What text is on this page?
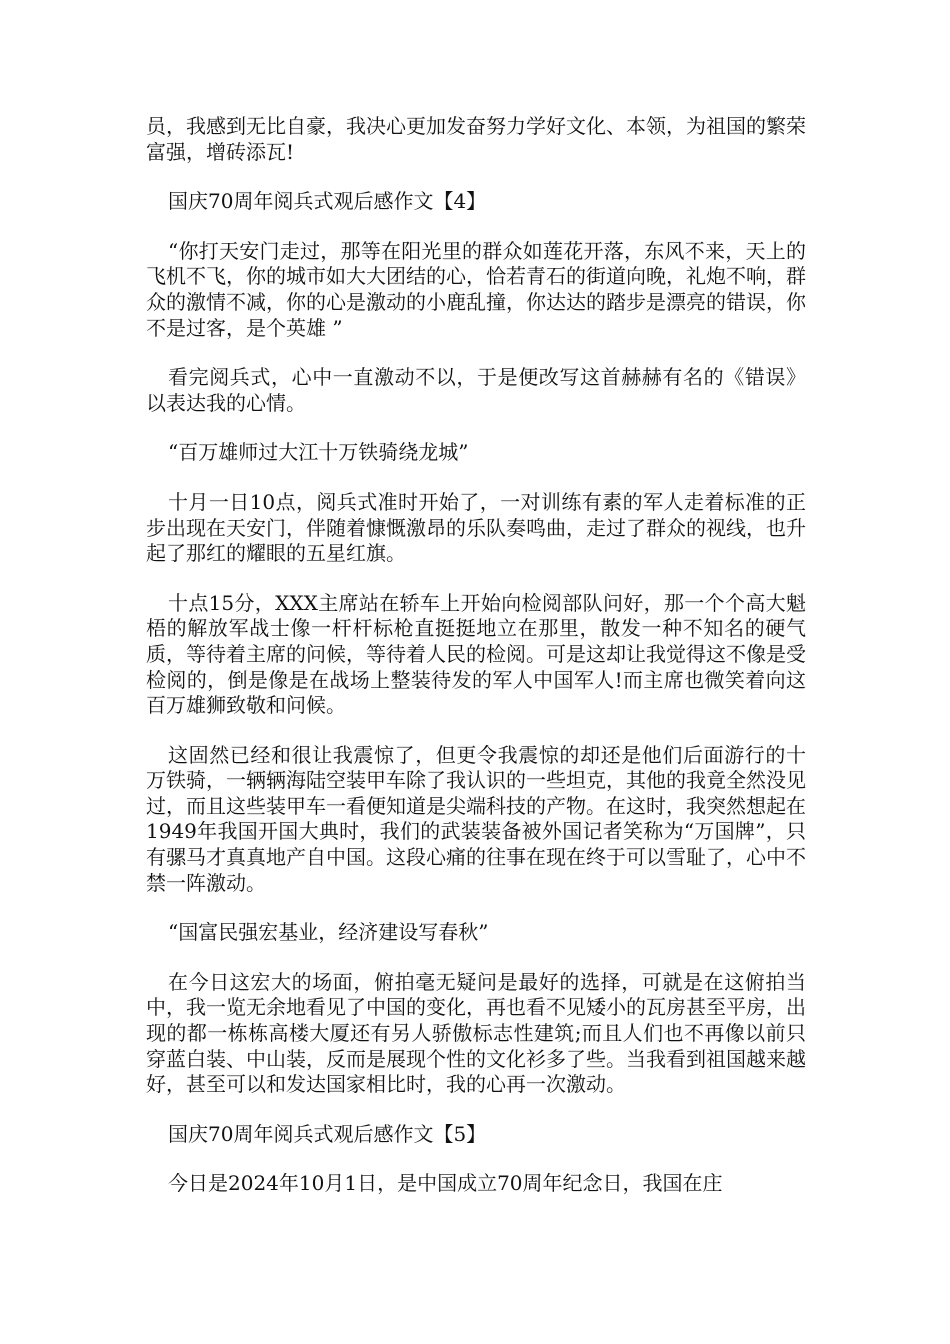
员，我感到无比自豪，我决心更加发奋努力学好文化、本领，为祖国的繁荣富强，增砖添瓦!

国庆70周年阅兵式观后感作文【4】

“你打天安门走过，那等在阳光里的群众如莲花开落，东风不来，天上的飞机不飞，你的城市如大大团结的心，恰若青石的街道向晚，礼炮不响，群众的激情不减，你的心是激动的小鹿乱撞，你达达的踏步是漂亮的错误，你不是过客，是个英雄 ”

看完阅兵式，心中一直激动不以，于是便改写这首赫赫有名的《错误》以表达我的心情。

“百万雄师过大江十万铁骑绕龙城”

十月一日10点，阅兵式准时开始了，一对训练有素的军人走着标准的正步出现在天安门，伴随着慷慨激昂的乐队奏鸣曲，走过了群众的视线，也升起了那红的耀眼的五星红旗。

十点15分，XXX主席站在轿车上开始向检阅部队问好，那一个个高大魁梧的解放军战士像一杆杆标枪直挺挺地立在那里，散发一种不知名的硬气质，等待着主席的问候，等待着人民的检阅。可是这却让我觉得这不像是受检阅的，倒是像是在战场上整装待发的军人中国军人!而主席也微笑着向这百万雄狮致敬和问候。

这固然已经和很让我震惊了，但更令我震惊的却还是他们后面游行的十万铁骑，一辆辆海陆空装甲车除了我认识的一些坦克，其他的我竟全然没见过，而且这些装甲车一看便知道是尖端科技的产物。在这时，我突然想起在1949年我国开国大典时，我们的武装装备被外国记者笑称为“万国牌”，只有骡马才真真地产自中国。这段心痛的往事在现在终于可以雪耻了，心中不禁一阵激动。

“国富民强宏基业，经济建设写春秋”

在今日这宏大的场面，俯拍毫无疑问是最好的选择，可就是在这俯拍当中，我一览无余地看见了中国的变化，再也看不见矮小的瓦房甚至平房，出现的都一栋栋高楼大厦还有另人骄傲标志性建筑;而且人们也不再像以前只穿蓝白装、中山装，反而是展现个性的文化衫多了些。当我看到祖国越来越好，甚至可以和发达国家相比时，我的心再一次激动。

国庆70周年阅兵式观后感作文【5】

今日是2024年10月1日，是中国成立70周年纪念日，我国在庄
